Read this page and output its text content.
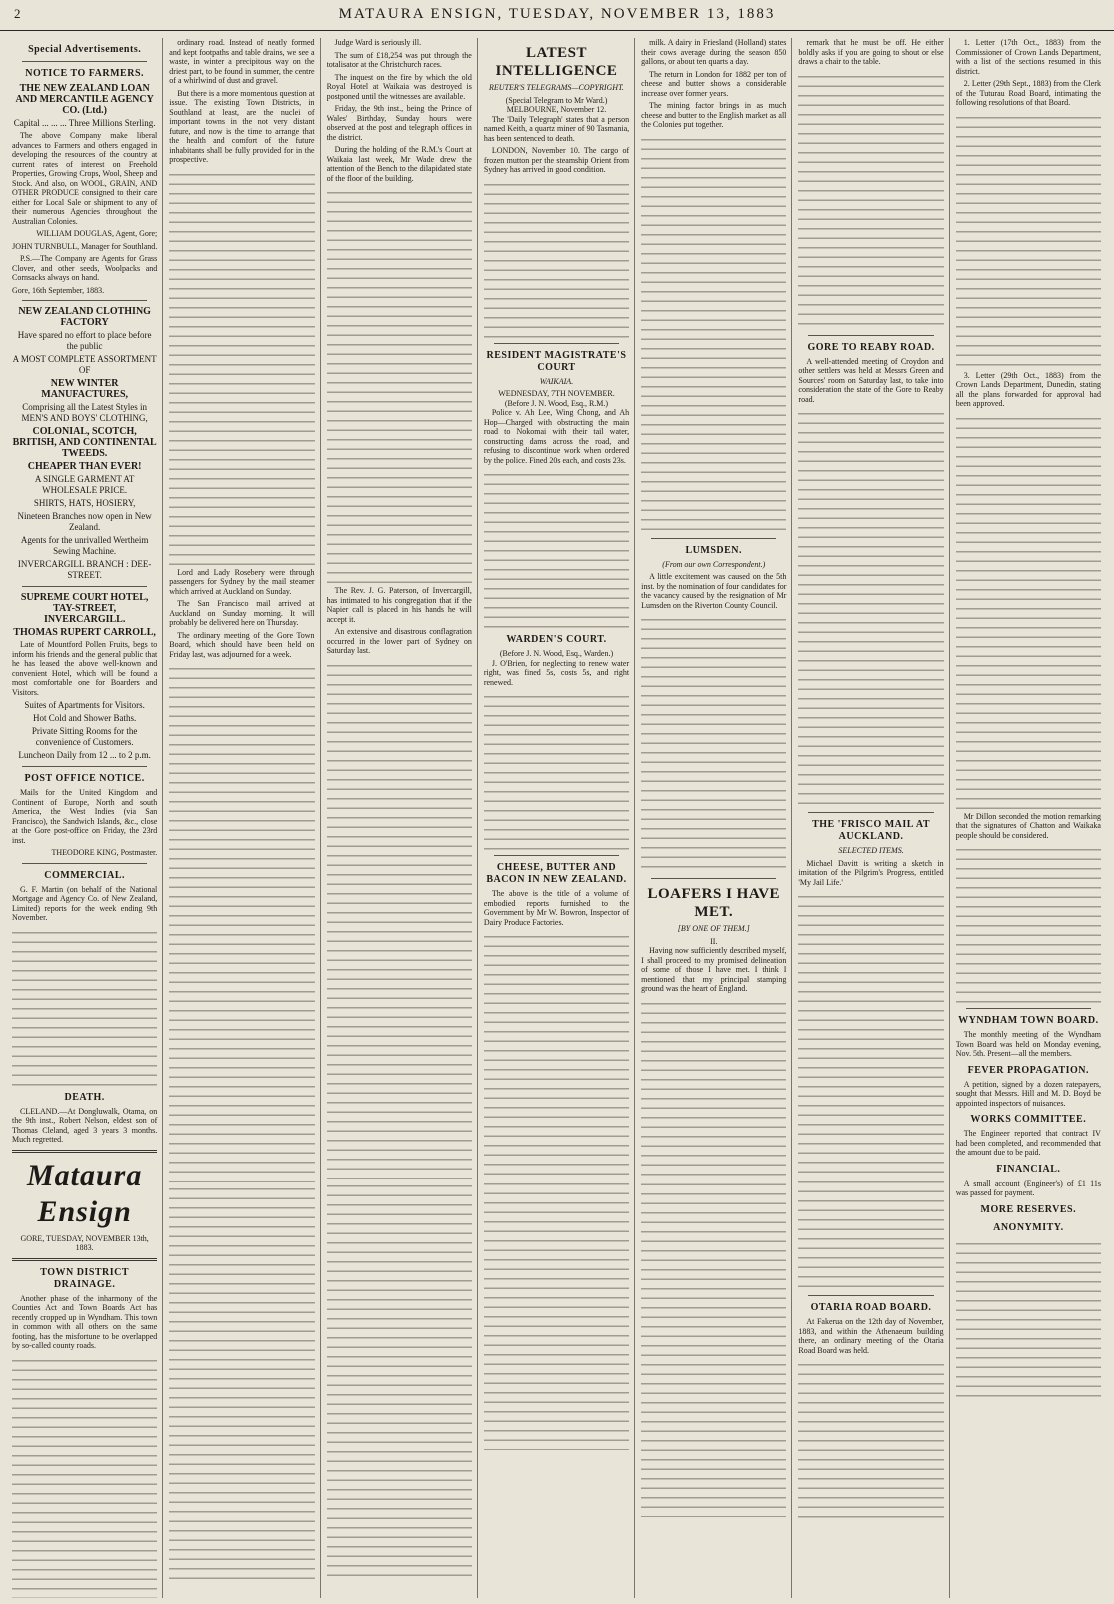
2	MATAURA ENSIGN, TUESDAY, NOVEMBER 13, 1883
Special Advertisements.
NOTICE TO FARMERS.
THE NEW ZEALAND LOAN AND MERCANTILE AGENCY CO. (Ltd.)
Capital ... ... ... Three Millions Sterling.

The above Company make liberal advances to Farmers and others engaged in developing the resources of the country at current rates of interest on Freehold Properties, Growing Crops, Wool, Sheep and Stock. And also, on WOOL, GRAIN, AND OTHER PRODUCE consigned to their care either for Local Sale or shipment to any of their numerous Agencies throughout the Australian Colonies.

WILLIAM DOUGLAS, Agent, Gore;
JOHN TURNBULL, Manager for Southland.

P.S.—The Company are Agents for Grass Clover, and other seeds, Woolpacks and Cornsacks always on hand.

Gore, 16th September, 1883.
NEW ZEALAND CLOTHING FACTORY
Have spared no effort to place before the public
A MOST COMPLETE ASSORTMENT OF
NEW WINTER MANUFACTURES,
Comprising all the Latest Styles in MEN'S AND BOYS' CLOTHING,
COLONIAL, SCOTCH, BRITISH, AND CONTINENTAL TWEEDS.
CHEAPER THAN EVER!
A SINGLE GARMENT AT WHOLESALE PRICE.
SHIRTS, HATS, HOSIERY,
Nineteen Branches now open in New Zealand.
Agents for the unrivalled Wertheim Sewing Machine.
INVERCARGILL BRANCH : DEE-STREET.
SUPREME COURT HOTEL, TAY-STREET, INVERCARGILL.
THOMAS RUPERT CARROLL,

Late of Mountford Pollen Fruits, begs to inform his friends and the general public that he has leased the above well-known and convenient Hotel, which will be found a most comfortable one for Boarders and Visitors.

Suites of Apartments for Visitors.
Hot Cold and Shower Baths.
Private Sitting Rooms for the convenience of Customers.
Luncheon Daily from 12 ... to 2 p.m.
POST OFFICE NOTICE.

Mails for the United Kingdom and Continent of Europe, North and south America, the West Indies (via San Francisco), the Sandwich Islands, &c., close at the Gore post-office on Friday, the 23rd inst.

THEODORE KING, Postmaster.
COMMERCIAL.

G. F. Martin (on behalf of the National Mortgage and Agency Co. of New Zealand, Limited) reports for the week ending 9th November.

DEATH.

CLELAND.—At Dongluwalk, Otama, on the 9th inst., Robert Nelson, eldest son of Thomas Cleland, aged 3 years 3 months. Much regretted.

Mataura Ensign
GORE, TUESDAY, NOVEMBER 13th, 1883.
TOWN DISTRICT DRAINAGE.

Another phase of the inharmony of the Counties Act and Town Boards Act has recently cropped up in Wyndham. This town in common with all others on the same footing, has the misfortune to be overlapped by so-called county roads.

ordinary road. Instead of neatly formed and kept footpaths and table drains, we see a waste, in winter a precipitous way on the driest part, to be found in summer, the centre of a whirlwind of dust and gravel.

But there is a more momentous question at issue. The existing Town Districts, in Southland at least, are the nuclei of important towns in the not very distant future, and now is the time to arrange that the health and comfort of the future inhabitants shall be fully provided for in the prospective.

Lord and Lady Rosebery were through passengers for Sydney by the mail steamer which arrived at Auckland on Sunday.

The San Francisco mail arrived at Auckland on Sunday morning. It will probably be delivered here on Thursday.

The ordinary meeting of the Gore Town Board, which should have been held on Friday last, was adjourned for a week.

Judge Ward is seriously ill.

The sum of £18,254 was put through the totalisator at the Christchurch races.

The inquest on the fire by which the old Royal Hotel at Waikaia was destroyed is postponed until the witnesses are available.

Friday, the 9th inst., being the Prince of Wales' Birthday, Sunday hours were observed at the post and telegraph offices in the district.

During the holding of the R.M.'s Court at Waikaia last week, Mr Wade drew the attention of the Bench to the dilapidated state of the floor of the building.

The Rev. J. G. Paterson, of Invercargill, has intimated to his congregation that if the Napier call is placed in his hands he will accept it.

An extensive and disastrous conflagration occurred in the lower part of Sydney on Saturday last.

LATEST INTELLIGENCE
REUTER'S TELEGRAMS—COPYRIGHT.
(Special Telegram to Mr Ward.) MELBOURNE, November 12.

The 'Daily Telegraph' states that a person named Keith, a quartz miner of 90 Tasmania, has been sentenced to death.

LONDON, November 10. The cargo of frozen mutton per the steamship Orient from Sydney has arrived in good condition.

RESIDENT MAGISTRATE'S COURT
WAIKAIA.
WEDNESDAY, 7TH NOVEMBER.
(Before J. N. Wood, Esq., R.M.)

Police v. Ah Lee, Wing Chong, and Ah Hop—Charged with obstructing the main road to Nokomai with their tail water, constructing dams across the road, and refusing to discontinue work when ordered by the police. Fined 20s each, and costs 23s.

WARDEN'S COURT.
(Before J. N. Wood, Esq., Warden.)

J. O'Brien, for neglecting to renew water right, was fined 5s, costs 5s, and right renewed.

CHEESE, BUTTER AND BACON IN NEW ZEALAND.

The above is the title of a volume of embodied reports furnished to the Government by Mr W. Bowron, Inspector of Dairy Produce Factories.

milk. A dairy in Friesland (Holland) states their cows average during the season 850 gallons, or about ten quarts a day.

The return in London for 1882 per ton of cheese and butter shows a considerable increase over former years.

The mining factor brings in as much cheese and butter to the English market as all the Colonies put together.

LUMSDEN.
(From our own Correspondent.)

A little excitement was caused on the 5th inst. by the nomination of four candidates for the vacancy caused by the resignation of Mr Lumsden on the Riverton County Council.

LOAFERS I HAVE MET.
[BY ONE OF THEM.]
II.

Having now sufficiently described myself, I shall proceed to my promised delineation of some of those I have met. I think I mentioned that my principal stamping ground was the heart of England.

remark that he must be off. He either boldly asks if you are going to shout or else draws a chair to the table.

GORE TO REABY ROAD.

A well-attended meeting of Croydon and other settlers was held at Messrs Green and Sources' room on Saturday last, to take into consideration the state of the Gore to Reaby road.

THE 'FRISCO MAIL AT AUCKLAND.
SELECTED ITEMS.

Michael Davitt is writing a sketch in imitation of the Pilgrim's Progress, entitled 'My Jail Life.'

OTARIA ROAD BOARD.

At Fakerua on the 12th day of November, 1883, and within the Athenaeum building there, an ordinary meeting of the Otaria Road Board was held.

1. Letter (17th Oct., 1883) from the Commissioner of Crown Lands Department, with a list of the sections resumed in this district.

2. Letter (29th Sept., 1883) from the Clerk of the Tuturau Road Board, intimating the following resolutions of that Board.

3. Letter (29th Oct., 1883) from the Crown Lands Department, Dunedin, stating all the plans forwarded for approval had been approved.

Mr Dillon seconded the motion remarking that the signatures of Chatton and Waikaka people should be considered.

WYNDHAM TOWN BOARD.

The monthly meeting of the Wyndham Town Board was held on Monday evening, Nov. 5th. Present—all the members.

FEVER PROPAGATION.

A petition, signed by a dozen ratepayers, sought that Messrs. Hill and M. D. Boyd be appointed inspectors of nuisances.

WORKS COMMITTEE.

The Engineer reported that contract IV had been completed, and recommended that the amount due to be paid.

FINANCIAL.

A small account (Engineer's) of £1 11s was passed for payment.

MORE RESERVES.
ANONYMITY.
